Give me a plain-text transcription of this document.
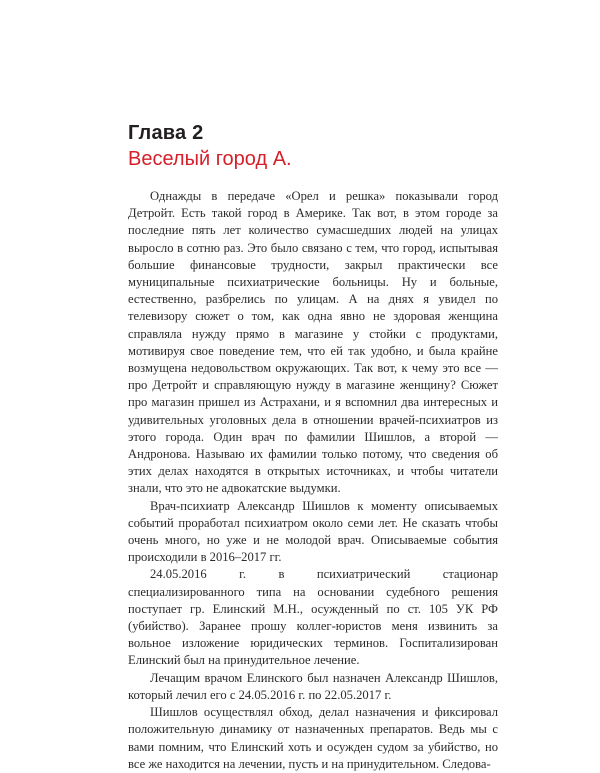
Глава 2
Веселый город А.

Однажды в передаче «Орел и решка» показывали город Детройт. Есть такой город в Америке. Так вот, в этом городе за последние пять лет количество сумасшедших людей на улицах выросло в сотню раз. Это было связано с тем, что город, испытывая большие финансовые трудности, закрыл практически все муниципальные психиатрические больницы. Ну и больные, естественно, разбрелись по улицам. А на днях я увидел по телевизору сюжет о том, как одна явно не здоровая женщина справляла нужду прямо в магазине у стойки с продуктами, мотивируя свое поведение тем, что ей так удобно, и была крайне возмущена недовольством окружающих. Так вот, к чему это все — про Детройт и справляющую нужду в магазине женщину? Сюжет про магазин пришел из Астрахани, и я вспомнил два интересных и удивительных уголовных дела в отношении врачей-психиатров из этого города. Один врач по фамилии Шишлов, а второй — Андронова. Называю их фамилии только потому, что сведения об этих делах находятся в открытых источниках, и чтобы читатели знали, что это не адвокатские выдумки.

Врач-психиатр Александр Шишлов к моменту описываемых событий проработал психиатром около семи лет. Не сказать чтобы очень много, но уже и не молодой врач. Описываемые события происходили в 2016–2017 гг.

24.05.2016 г. в психиатрический стационар специализированного типа на основании судебного решения поступает гр. Елинский М.Н., осужденный по ст. 105 УК РФ (убийство). Заранее прошу коллег-юристов меня извинить за вольное изложение юридических терминов. Госпитализирован Елинский был на принудительное лечение.

Лечащим врачом Елинского был назначен Александр Шишлов, который лечил его с 24.05.2016 г. по 22.05.2017 г.

Шишлов осуществлял обход, делал назначения и фиксировал положительную динамику от назначенных препаратов. Ведь мы с вами помним, что Елинский хоть и осужден судом за убийство, но все же находится на лечении, пусть и на принудительном. Следова-
